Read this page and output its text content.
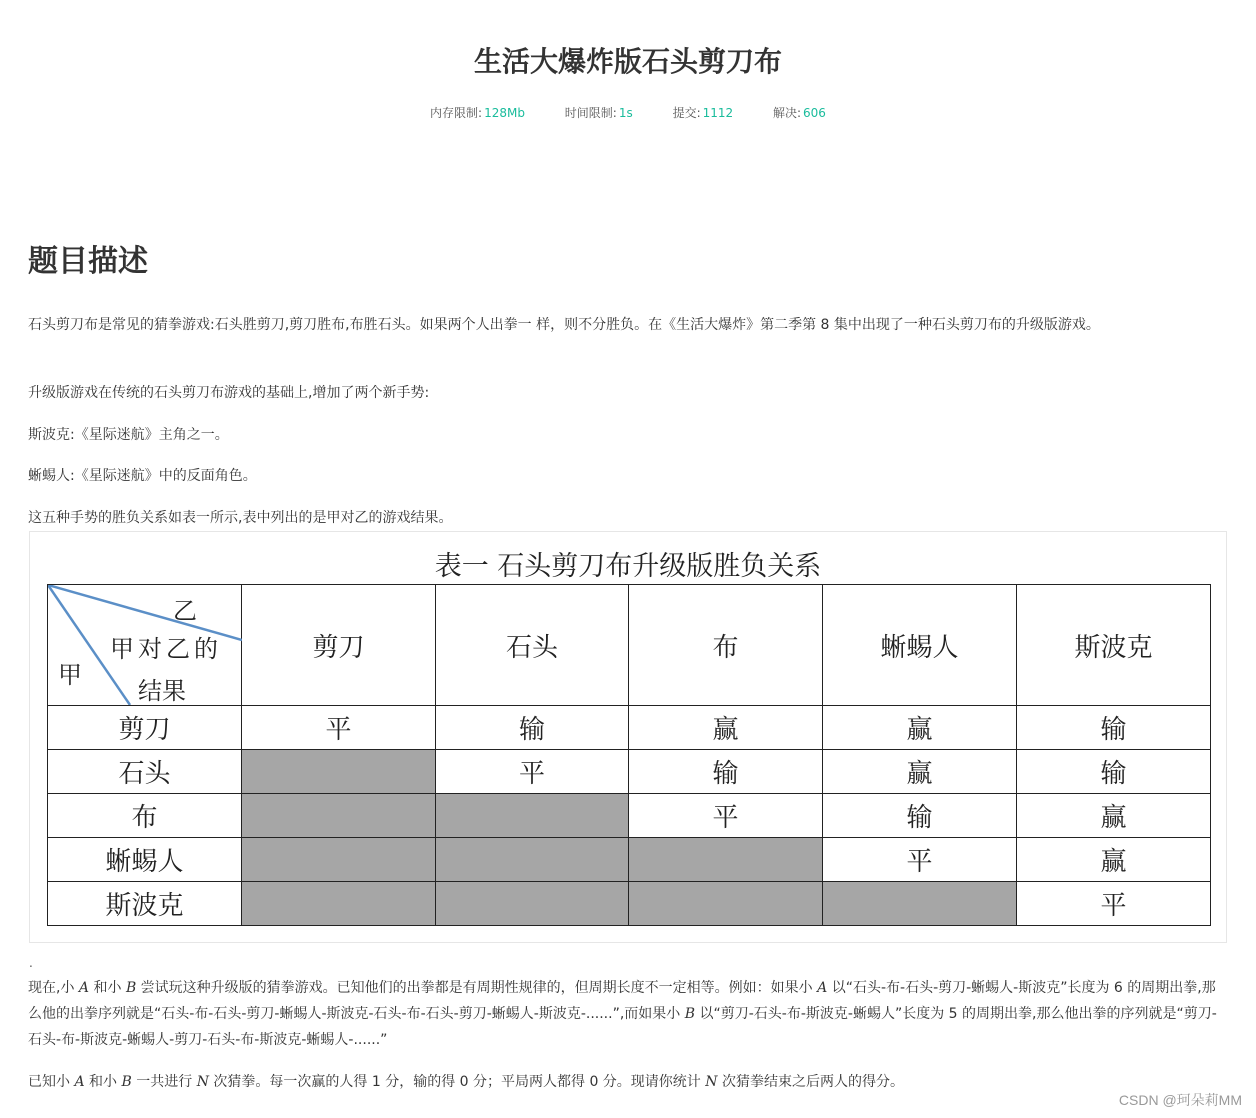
生活大爆炸版石头剪刀布
内存限制: 128Mb	时间限制: 1s	提交: 1112	解决: 606
题目描述
石头剪刀布是常见的猜拳游戏:石头胜剪刀,剪刀胜布,布胜石头。如果两个人出拳一 样，则不分胜负。在《生活大爆炸》第二季第 8 集中出现了一种石头剪刀布的升级版游戏。
升级版游戏在传统的石头剪刀布游戏的基础上,增加了两个新手势:
斯波克:《星际迷航》主角之一。
蜥蜴人:《星际迷航》中的反面角色。
这五种手势的胜负关系如表一所示,表中列出的是甲对乙的游戏结果。
表一 石头剪刀布升级版胜负关系
乙
甲对乙的
结果
甲	剪刀	石头	布	蜥蜴人	斯波克
剪刀	平	输	赢	赢	输
石头		平	输	赢	输
布			平	输	赢
蜥蜴人				平	赢
斯波克					平
.
现在,小 A 和小 B 尝试玩这种升级版的猜拳游戏。已知他们的出拳都是有周期性规律的，但周期长度不一定相等。例如：如果小 A 以“石头-布-石头-剪刀-蜥蜴人-斯波克”长度为 6 的周期出拳,那么他的出拳序列就是“石头-布-石头-剪刀-蜥蜴人-斯波克-石头-布-石头-剪刀-蜥蜴人-斯波克-......”,而如果小 B 以“剪刀-石头-布-斯波克-蜥蜴人”长度为 5 的周期出拳,那么他出拳的序列就是“剪刀-石头-布-斯波克-蜥蜴人-剪刀-石头-布-斯波克-蜥蜴人-......”
已知小 A 和小 B 一共进行 N 次猜拳。每一次赢的人得 1 分，输的得 0 分；平局两人都得 0 分。现请你统计 N 次猜拳结束之后两人的得分。
CSDN @珂朵莉MM
